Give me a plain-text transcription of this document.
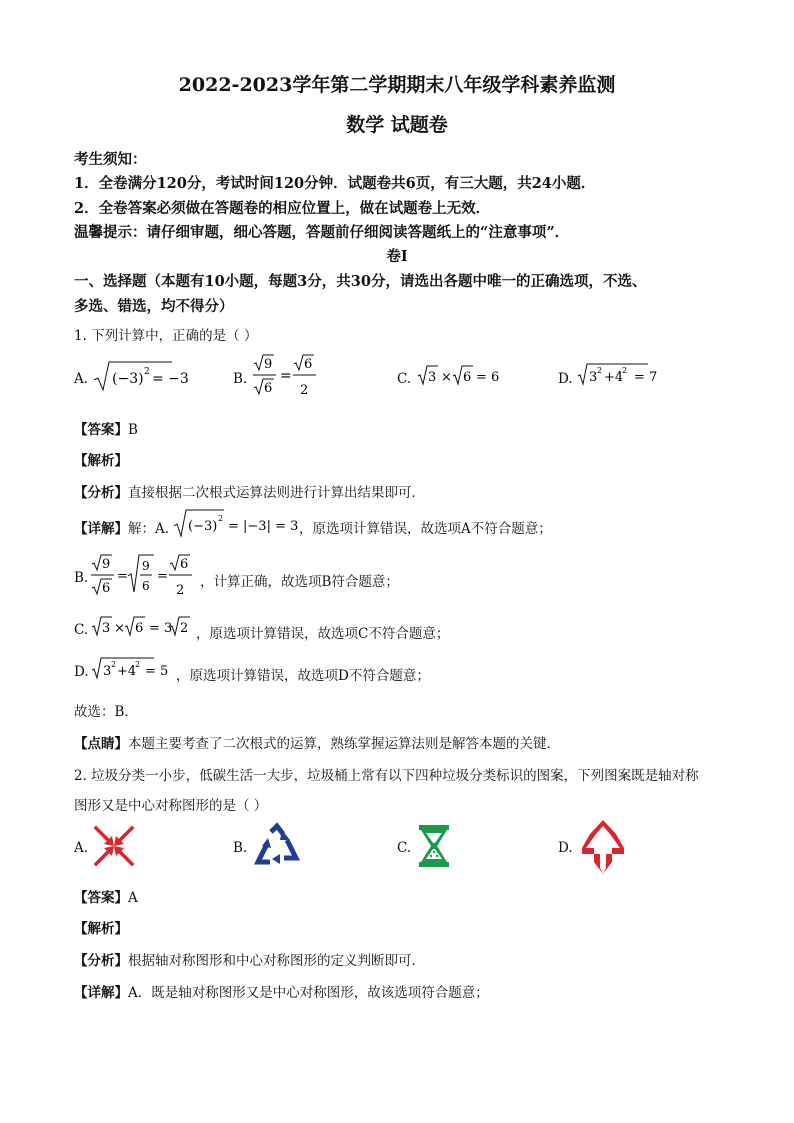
2022-2023学年第二学期期末八年级学科素养监测
数学 试题卷
考生须知：
1．全卷满分120分，考试时间120分钟．试题卷共6页，有三大题，共24小题．
2．全卷答案必须做在答题卷的相应位置上，做在试题卷上无效．
温馨提示：请仔细审题，细心答题，答题前仔细阅读答题纸上的“注意事项”．
卷Ⅰ
一、选择题（本题有10小题，每题3分，共30分，请选出各题中唯一的正确选项，不选、
多选、错选，均不得分）
1. 下列计算中，正确的是（ ）
A. (−3) 2 = −3	B.
9
6
=
6
2
C. 3 × 6 = 6	D. 3 2 +4
2 = 7
【答案】B
【解析】
【分析】直接根据二次根式运算法则进行计算出结果即可．
【详解】解：A. (−3)
2
= |−3| = 3 ，原选项计算错误，故选项A不符合题意；
B.
9
6
=
9
6
=
6
2
，计算正确，故选项B符合题意；
C. 3 × 6 = 3 2 ，原选项计算错误，故选项C不符合题意；
D. 3 2 +4
2 = 5 ，原选项计算错误，故选项D不符合题意；
故选：B．
【点睛】本题主要考查了二次根式的运算，熟练掌握运算法则是解答本题的关键．
2. 垃圾分类一小步，低碳生活一大步，垃圾桶上常有以下四种垃圾分类标识的图案，下列图案既是轴对称
图形又是中心对称图形的是（ ）
A.	B.	C.	D.
【答案】A
【解析】
【分析】根据轴对称图形和中心对称图形的定义判断即可．
【详解】A．既是轴对称图形又是中心对称图形，故该选项符合题意；
